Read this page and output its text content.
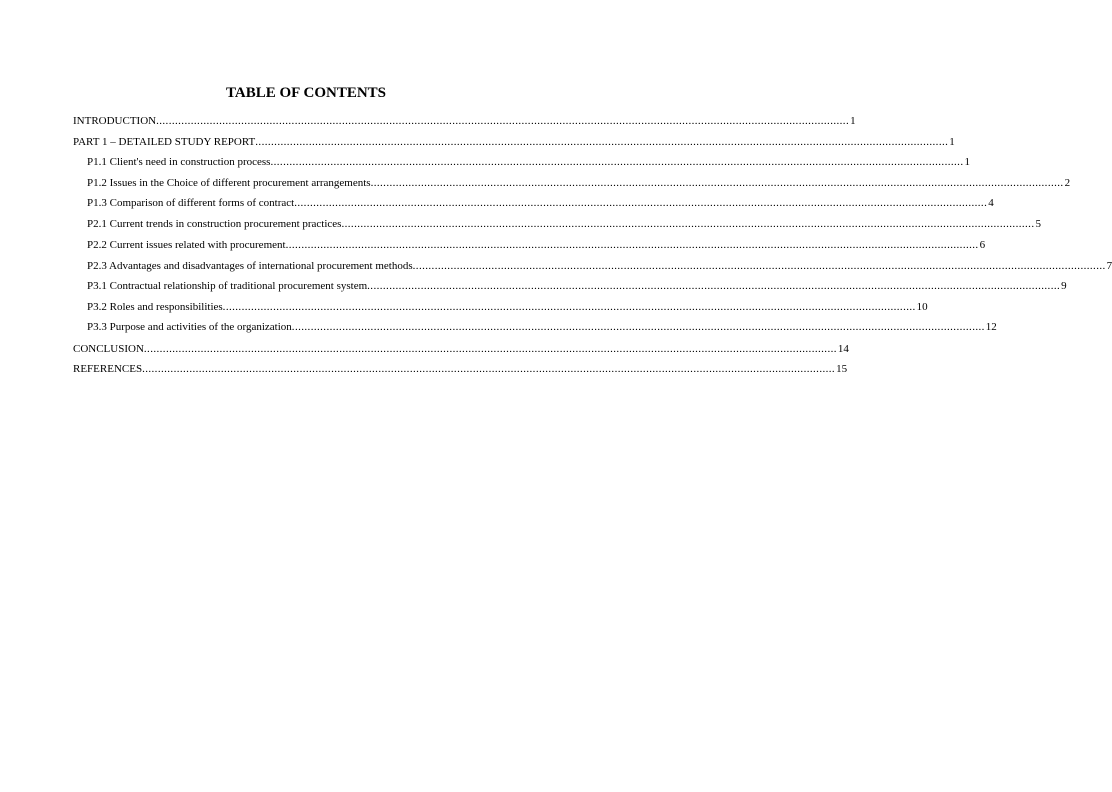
TABLE OF CONTENTS
INTRODUCTION ............................................................................................................................................................................................................................ 1
PART 1 – DETAILED STUDY REPORT ............................................................................................................................................................................................................................ 1
P1.1 Client's need in construction process ............................................................................................................................................................................................................................ 1
P1.2 Issues in the Choice of different procurement arrangements ............................................................................................................................................................................................................................ 2
P1.3 Comparison of different forms of contract ............................................................................................................................................................................................................................ 4
P2.1 Current trends in construction procurement practices ............................................................................................................................................................................................................................ 5
P2.2 Current issues related with procurement ............................................................................................................................................................................................................................ 6
P2.3 Advantages and disadvantages of international procurement methods ............................................................................................................................................................................................................................ 7
P3.1 Contractual relationship of traditional procurement system ............................................................................................................................................................................................................................ 9
P3.2 Roles and responsibilities ............................................................................................................................................................................................................................ 10
P3.3 Purpose and activities of the organization ............................................................................................................................................................................................................................ 12
CONCLUSION ............................................................................................................................................................................................................................ 14
REFERENCES ............................................................................................................................................................................................................................ 15
